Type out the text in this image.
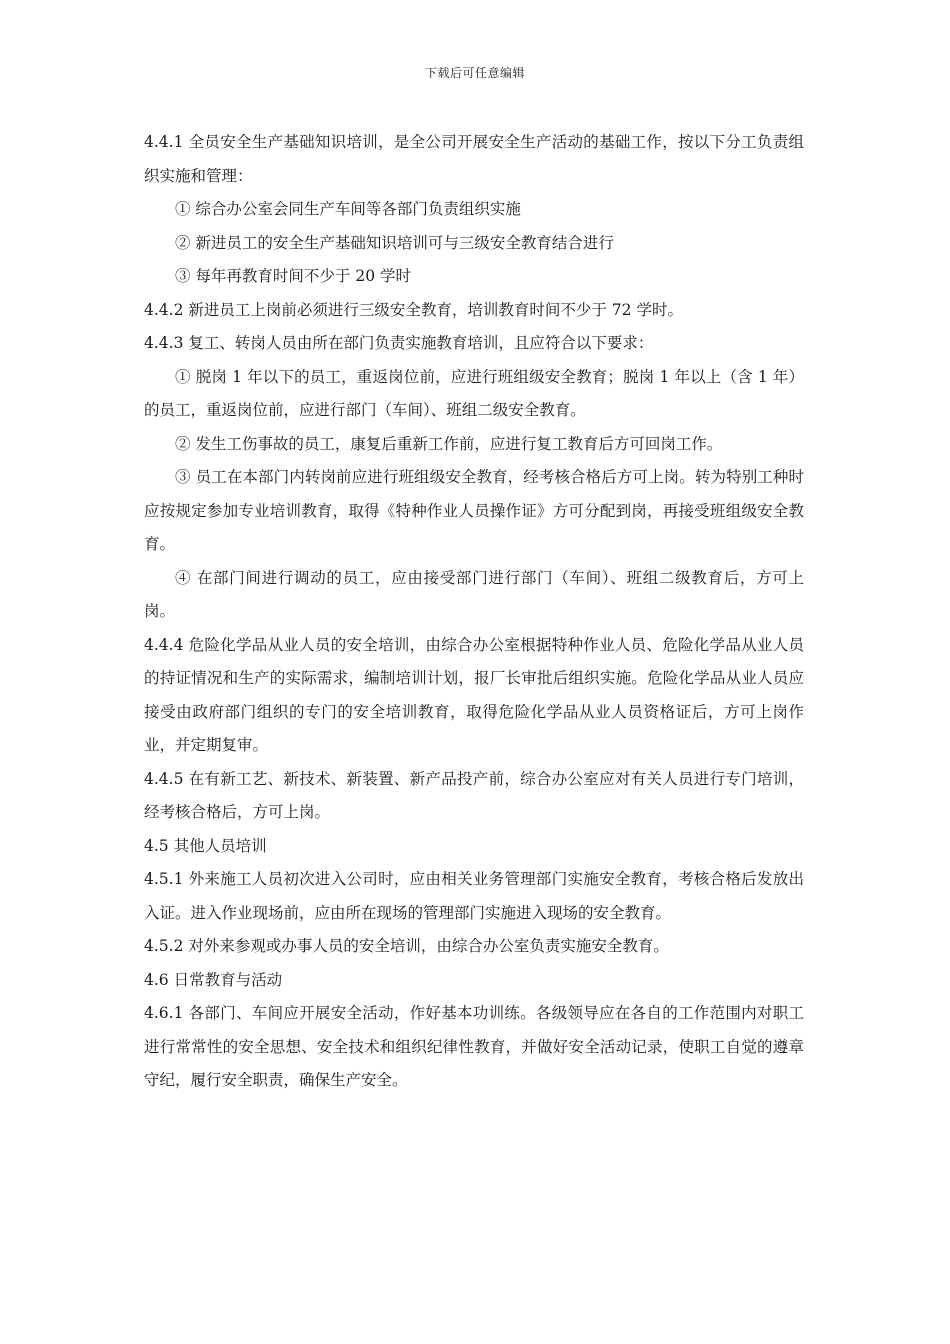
下载后可任意编辑

4.4.1 全员安全生产基础知识培训，是全公司开展安全生产活动的基础工作，按以下分工负责组织实施和管理：

① 综合办公室会同生产车间等各部门负责组织实施

② 新进员工的安全生产基础知识培训可与三级安全教育结合进行

③ 每年再教育时间不少于 20 学时

4.4.2 新进员工上岗前必须进行三级安全教育，培训教育时间不少于 72 学时。

4.4.3 复工、转岗人员由所在部门负责实施教育培训，且应符合以下要求：

① 脱岗 1 年以下的员工，重返岗位前，应进行班组级安全教育；脱岗 1 年以上（含 1 年）的员工，重返岗位前，应进行部门（车间）、班组二级安全教育。

② 发生工伤事故的员工，康复后重新工作前，应进行复工教育后方可回岗工作。

③ 员工在本部门内转岗前应进行班组级安全教育，经考核合格后方可上岗。转为特别工种时应按规定参加专业培训教育，取得《特种作业人员操作证》方可分配到岗，再接受班组级安全教育。

④ 在部门间进行调动的员工，应由接受部门进行部门（车间）、班组二级教育后，方可上岗。

4.4.4 危险化学品从业人员的安全培训，由综合办公室根据特种作业人员、危险化学品从业人员的持证情况和生产的实际需求，编制培训计划，报厂长审批后组织实施。危险化学品从业人员应接受由政府部门组织的专门的安全培训教育，取得危险化学品从业人员资格证后，方可上岗作业，并定期复审。

4.4.5 在有新工艺、新技术、新装置、新产品投产前，综合办公室应对有关人员进行专门培训，经考核合格后，方可上岗。

4.5 其他人员培训

4.5.1 外来施工人员初次进入公司时，应由相关业务管理部门实施安全教育，考核合格后发放出入证。进入作业现场前，应由所在现场的管理部门实施进入现场的安全教育。

4.5.2 对外来参观或办事人员的安全培训，由综合办公室负责实施安全教育。

4.6 日常教育与活动

4.6.1 各部门、车间应开展安全活动，作好基本功训练。各级领导应在各自的工作范围内对职工进行常常性的安全思想、安全技术和组织纪律性教育，并做好安全活动记录，使职工自觉的遵章守纪，履行安全职责，确保生产安全。
